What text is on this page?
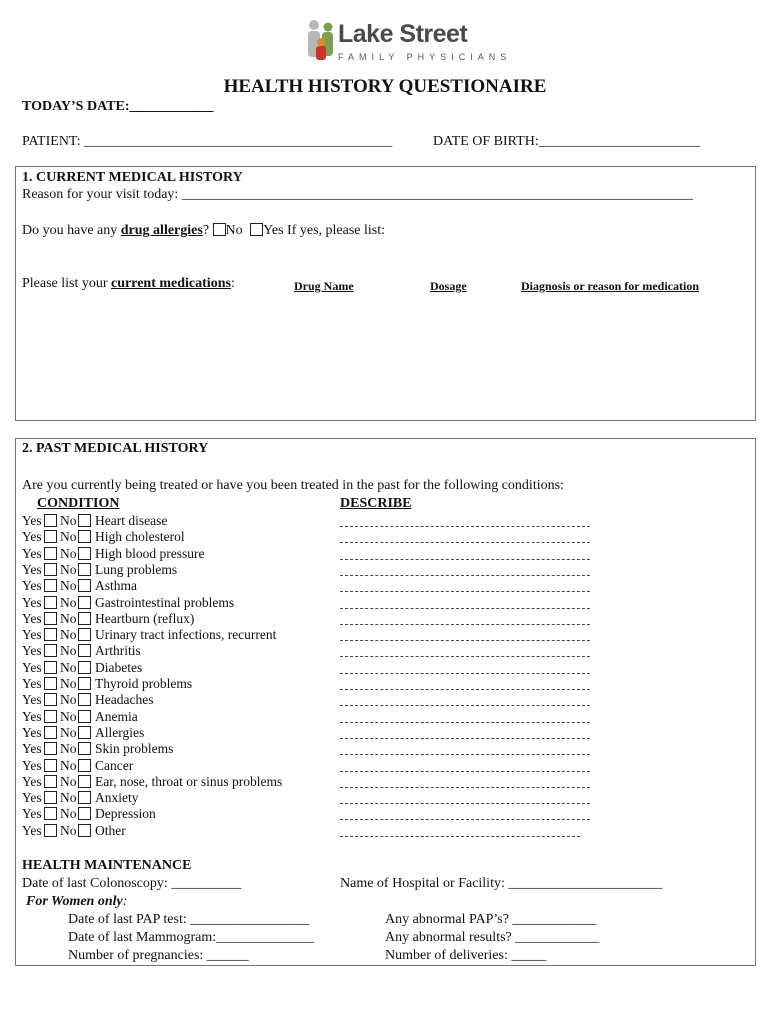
Lake Street
FAMILY PHYSICIANS
HEALTH HISTORY QUESTIONAIRE
TODAY’S DATE:____________
PATIENT: ____________________________________________	DATE OF BIRTH:_______________________
1. CURRENT MEDICAL HISTORY
Reason for your visit today: _________________________________________________________________________
Do you have any drug allergies? No Yes If yes, please list:
Please list your current medications:	Drug Name	Dosage	Diagnosis or reason for medication
2. PAST MEDICAL HISTORY
Are you currently being treated or have you been treated in the past for the following conditions:
CONDITION	DESCRIBE
Yes No Heart disease
Yes No High cholesterol
Yes No High blood pressure
Yes No Lung problems
Yes No Asthma
Yes No Gastrointestinal problems
Yes No Heartburn (reflux)
Yes No Urinary tract infections, recurrent
Yes No Arthritis
Yes No Diabetes
Yes No Thyroid problems
Yes No Headaches
Yes No Anemia
Yes No Allergies
Yes No Skin problems
Yes No Cancer
Yes No Ear, nose, throat or sinus problems
Yes No Anxiety
Yes No Depression
Yes No Other
HEALTH MAINTENANCE
Date of last Colonoscopy: __________	Name of Hospital or Facility: ______________________
For Women only:
Date of last PAP test: _________________	Any abnormal PAP’s? ____________
Date of last Mammogram:______________	Any abnormal results? ____________
Number of pregnancies: ______	Number of deliveries: _____
